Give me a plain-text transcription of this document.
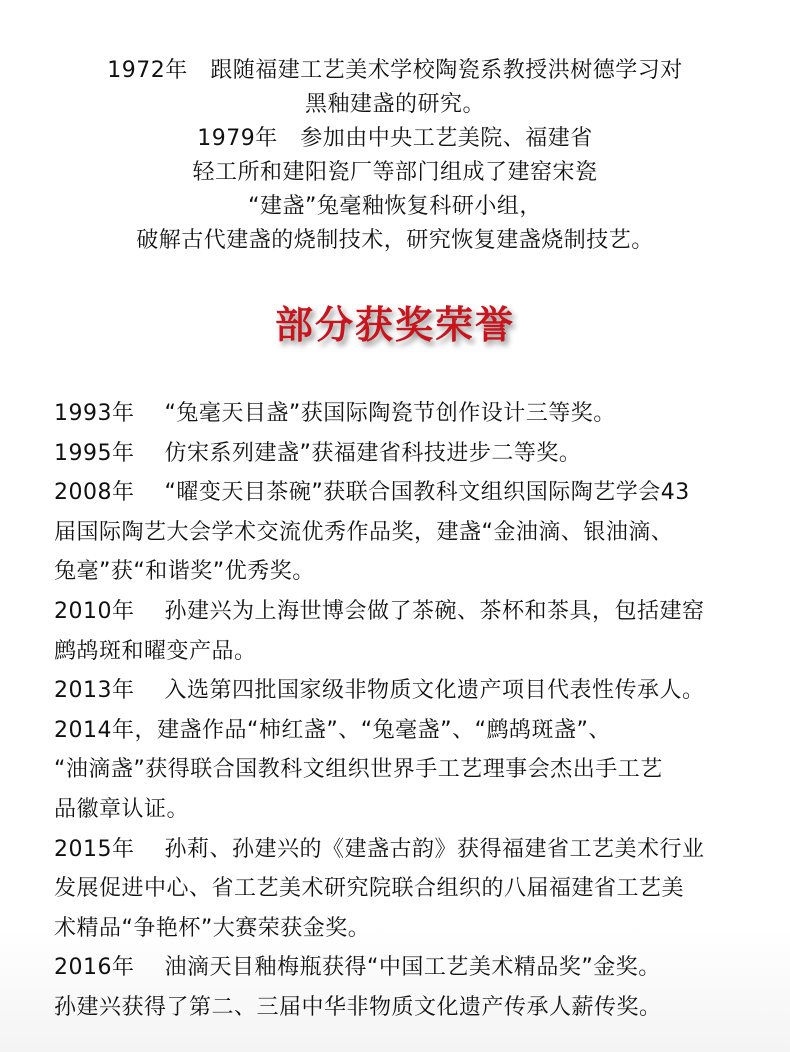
1972年　跟随福建工艺美术学校陶瓷系教授洪树德学习对
黑釉建盏的研究。
1979年　参加由中央工艺美院、福建省
轻工所和建阳瓷厂等部门组成了建窑宋瓷
“建盏”兔毫釉恢复科研小组，
破解古代建盏的烧制技术，研究恢复建盏烧制技艺。
部分获奖荣誉
1993年　 “兔毫天目盏”获国际陶瓷节创作设计三等奖。
1995年　 仿宋系列建盏”获福建省科技进步二等奖。
2008年　 “曜变天目茶碗”获联合国教科文组织国际陶艺学会43
届国际陶艺大会学术交流优秀作品奖，建盏“金油滴、银油滴、
兔毫”获“和谐奖”优秀奖。
2010年　 孙建兴为上海世博会做了茶碗、茶杯和茶具，包括建窑
鹧鸪斑和曜变产品。
2013年　 入选第四批国家级非物质文化遗产项目代表性传承人。
2014年，建盏作品“柿红盏”、“兔毫盏”、“鹧鸪斑盏”、
“油滴盏”获得联合国教科文组织世界手工艺理事会杰出手工艺
品徽章认证。
2015年　 孙莉、孙建兴的《建盏古韵》获得福建省工艺美术行业
发展促进中心、省工艺美术研究院联合组织的八届福建省工艺美
术精品“争艳杯”大赛荣获金奖。
2016年　 油滴天目釉梅瓶获得“中国工艺美术精品奖”金奖。
孙建兴获得了第二、三届中华非物质文化遗产传承人薪传奖。
